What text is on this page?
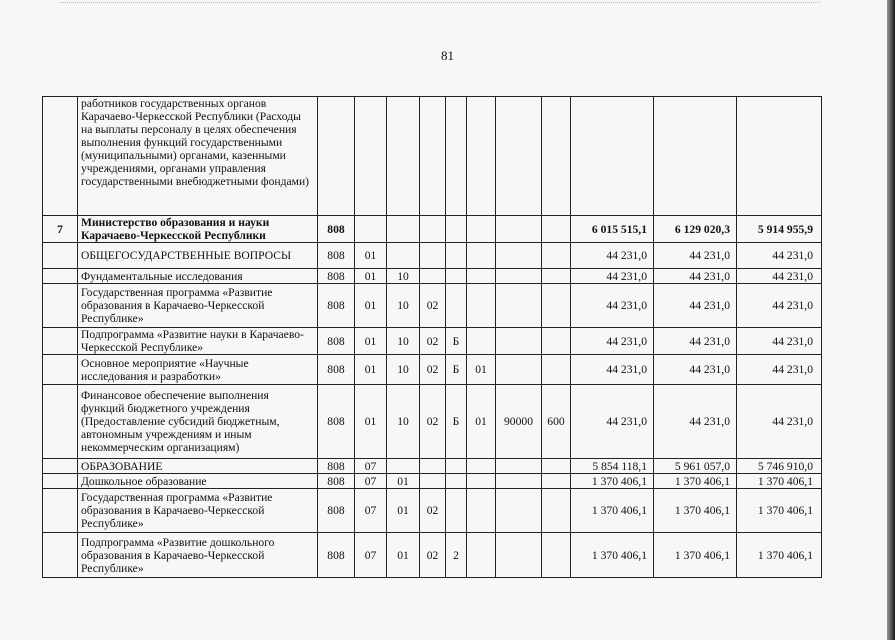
81
	работников государственных органов Карачаево-Черкесской Республики (Расходы на выплаты персоналу в целях обеспечения выполнения функций государственными (муниципальными) органами, казенными учреждениями, органами управления государственными внебюджетными фондами)											
7	Министерство образования и науки Карачаево-Черкесской Республики	808								6 015 515,1	6 129 020,3	5 914 955,9
	ОБЩЕГОСУДАРСТВЕННЫЕ ВОПРОСЫ	808	01							44 231,0	44 231,0	44 231,0
	Фундаментальные исследования	808	01	10						44 231,0	44 231,0	44 231,0
	Государственная программа «Развитие образования в Карачаево-Черкесской Республике»	808	01	10	02					44 231,0	44 231,0	44 231,0
	Подпрограмма «Развитие науки в Карачаево-Черкесской Республике»	808	01	10	02	Б				44 231,0	44 231,0	44 231,0
	Основное мероприятие «Научные исследования и разработки»	808	01	10	02	Б	01			44 231,0	44 231,0	44 231,0
	Финансовое обеспечение выполнения функций бюджетного учреждения (Предоставление субсидий бюджетным, автономным учреждениям и иным некоммерческим организациям)	808	01	10	02	Б	01	90000	600	44 231,0	44 231,0	44 231,0
	ОБРАЗОВАНИЕ	808	07							5 854 118,1	5 961 057,0	5 746 910,0
	Дошкольное образование	808	07	01						1 370 406,1	1 370 406,1	1 370 406,1
	Государственная программа «Развитие образования в Карачаево-Черкесской Республике»	808	07	01	02					1 370 406,1	1 370 406,1	1 370 406,1
	Подпрограмма «Развитие дошкольного образования в Карачаево-Черкесской Республике»	808	07	01	02	2				1 370 406,1	1 370 406,1	1 370 406,1
